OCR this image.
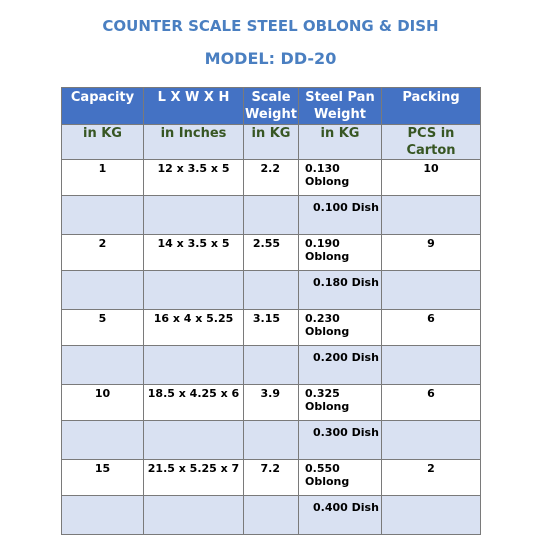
COUNTER SCALE STEEL OBLONG & DISH
MODEL: DD-20
Capacity	L X W X H	Scale Weight	Steel Pan Weight	Packing
in KG	in Inches	in KG	in KG	PCS in Carton
1	12 x 3.5 x 5	2.2	0.130 Oblong	10
			0.100 Dish	
2	14 x 3.5 x 5	2.55	0.190 Oblong	9
			0.180 Dish	
5	16 x 4 x 5.25	3.15	0.230 Oblong	6
			0.200 Dish	
10	18.5 x 4.25 x 6	3.9	0.325 Oblong	6
			0.300 Dish	
15	21.5 x 5.25 x 7	7.2	0.550 Oblong	2
			0.400 Dish	
